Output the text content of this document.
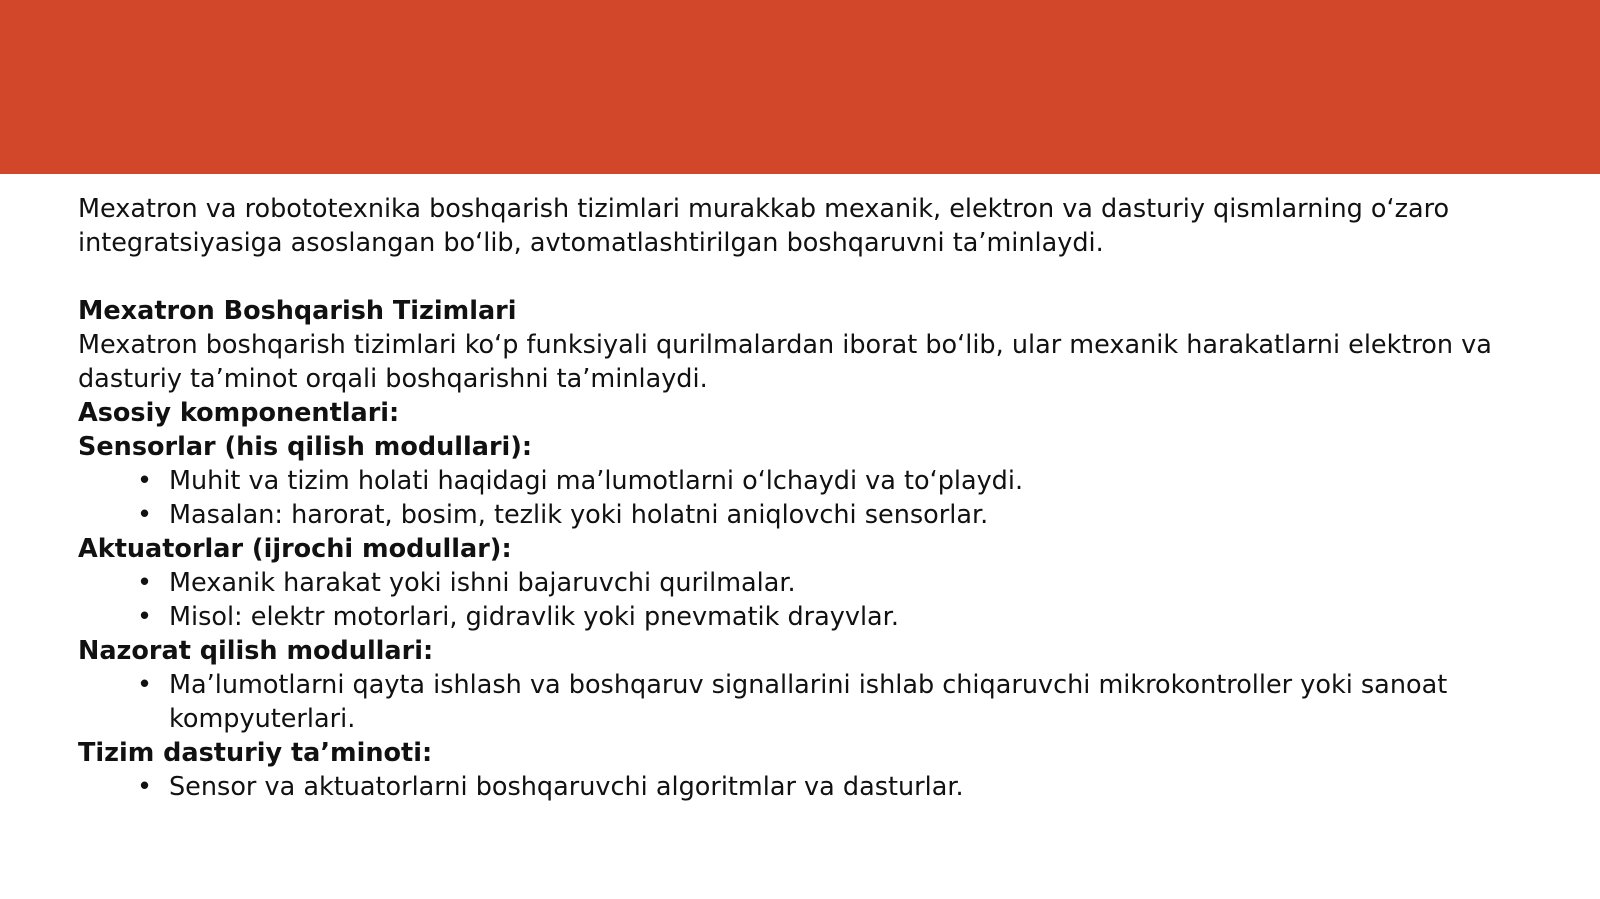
Mexatron va robototexnika boshqarish tizimlari murakkab mexanik, elektron va dasturiy qismlarning o‘zaro integratsiyasiga asoslangan bo‘lib, avtomatlashtirilgan boshqaruvni ta’minlaydi.

Mexatron Boshqarish Tizimlari

Mexatron boshqarish tizimlari ko‘p funksiyali qurilmalardan iborat bo‘lib, ular mexanik harakatlarni elektron va dasturiy ta’minot orqali boshqarishni ta’minlaydi.

Asosiy komponentlari:

Sensorlar (his qilish modullari):

• Muhit va tizim holati haqidagi ma’lumotlarni o‘lchaydi va to‘playdi.
• Masalan: harorat, bosim, tezlik yoki holatni aniqlovchi sensorlar.

Aktuatorlar (ijrochi modullar):

• Mexanik harakat yoki ishni bajaruvchi qurilmalar.
• Misol: elektr motorlari, gidravlik yoki pnevmatik drayvlar.

Nazorat qilish modullari:

• Ma’lumotlarni qayta ishlash va boshqaruv signallarini ishlab chiqaruvchi mikrokontroller yoki sanoat kompyuterlari.

Tizim dasturiy ta’minoti:

• Sensor va aktuatorlarni boshqaruvchi algoritmlar va dasturlar.
